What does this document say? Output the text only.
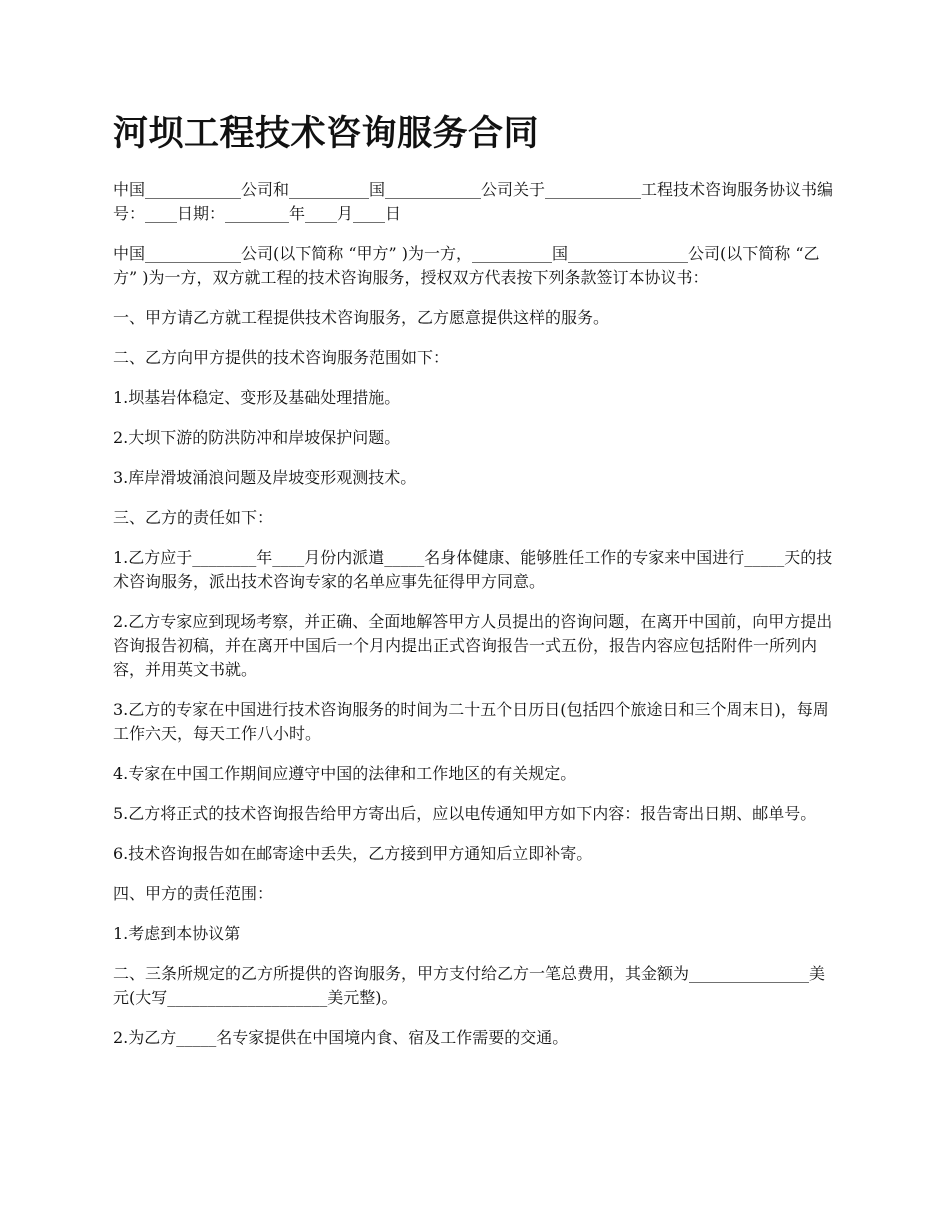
河坝工程技术咨询服务合同

中国____________公司和__________国____________公司关于____________工程技术咨询服务协议书编号：____日期：________年____月____日

中国____________公司(以下简称 “甲方” )为一方，__________国_______________公司(以下简称 “乙方” )为一方，双方就工程的技术咨询服务，授权双方代表按下列条款签订本协议书：

一、甲方请乙方就工程提供技术咨询服务，乙方愿意提供这样的服务。

二、乙方向甲方提供的技术咨询服务范围如下：

1.坝基岩体稳定、变形及基础处理措施。

2.大坝下游的防洪防冲和岸坡保护问题。

3.库岸滑坡涌浪问题及岸坡变形观测技术。

三、乙方的责任如下：

1.乙方应于________年____月份内派遣_____名身体健康、能够胜任工作的专家来中国进行_____天的技术咨询服务，派出技术咨询专家的名单应事先征得甲方同意。

2.乙方专家应到现场考察，并正确、全面地解答甲方人员提出的咨询问题，在离开中国前，向甲方提出咨询报告初稿，并在离开中国后一个月内提出正式咨询报告一式五份，报告内容应包括附件一所列内容，并用英文书就。

3.乙方的专家在中国进行技术咨询服务的时间为二十五个日历日(包括四个旅途日和三个周末日)，每周工作六天，每天工作八小时。

4.专家在中国工作期间应遵守中国的法律和工作地区的有关规定。

5.乙方将正式的技术咨询报告给甲方寄出后，应以电传通知甲方如下内容：报告寄出日期、邮单号。

6.技术咨询报告如在邮寄途中丢失，乙方接到甲方通知后立即补寄。

四、甲方的责任范围：

1.考虑到本协议第

二、三条所规定的乙方所提供的咨询服务，甲方支付给乙方一笔总费用，其金额为_______________美元(大写____________________美元整)。

2.为乙方_____名专家提供在中国境内食、宿及工作需要的交通。
